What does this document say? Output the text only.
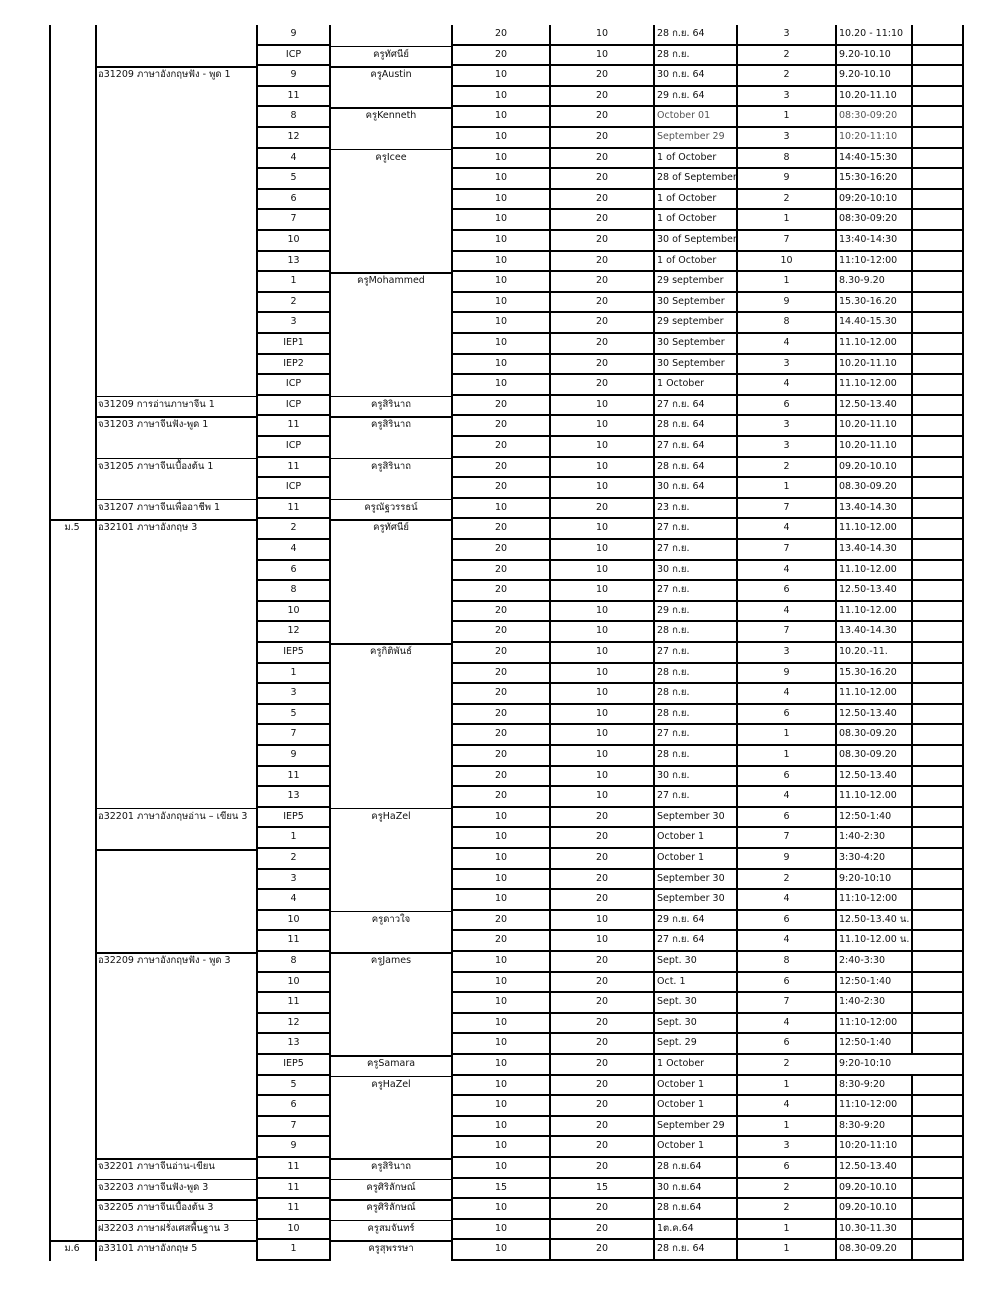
9	20	10	28 ก.ย. 64	3	10.20 - 11:10
ICP	ครูทัศนีย์	20	10	28 ก.ย.	2	9.20-10.10
อ31209 ภาษาอังกฤษฟัง - พูด 1	9	ครูAustin	10	20	30 ก.ย. 64	2	9.20-10.10
11	10	20	29 ก.ย. 64	3	10.20-11.10
8	ครูKenneth	10	20	October 01	1	08:30-09:20
12	10	20	September 29	3	10:20-11:10
4	ครูIcee	10	20	1 of October	8	14:40-15:30
5	10	20	28 of September	9	15:30-16:20
6	10	20	1 of October	2	09:20-10:10
7	10	20	1 of October	1	08:30-09:20
10	10	20	30 of September	7	13:40-14:30
13	10	20	1 of October	10	11:10-12:00
1	ครูMohammed	10	20	29 september	1	8.30-9.20
2	10	20	30 September	9	15.30-16.20
3	10	20	29 september	8	14.40-15.30
IEP1	10	20	30 September	4	11.10-12.00
IEP2	10	20	30 September	3	10.20-11.10
ICP	10	20	1 October	4	11.10-12.00
จ31209 การอ่านภาษาจีน 1	ICP	ครูสิรินาถ	20	10	27 ก.ย. 64	6	12.50-13.40
จ31203 ภาษาจีนฟัง-พูด 1	11	ครูสิรินาถ	20	10	28 ก.ย. 64	3	10.20-11.10
ICP	20	10	27 ก.ย. 64	3	10.20-11.10
จ31205 ภาษาจีนเบื้องต้น 1	11	ครูสิรินาถ	20	10	28 ก.ย. 64	2	09.20-10.10
ICP	20	10	30 ก.ย. 64	1	08.30-09.20
จ31207 ภาษาจีนเพื่ออาชีพ 1	11	ครูณัฐวรรธน์	10	20	23 ก.ย.	7	13.40-14.30
ม.5	อ32101 ภาษาอังกฤษ 3	2	ครูทัศนีย์	20	10	27 ก.ย.	4	11.10-12.00
4	20	10	27 ก.ย.	7	13.40-14.30
6	20	10	30 ก.ย.	4	11.10-12.00
8	20	10	27 ก.ย.	6	12.50-13.40
10	20	10	29 ก.ย.	4	11.10-12.00
12	20	10	28 ก.ย.	7	13.40-14.30
IEP5	ครูกิติพันธ์	20	10	27 ก.ย.	3	10.20.-11.
1	20	10	28 ก.ย.	9	15.30-16.20
3	20	10	28 ก.ย.	4	11.10-12.00
5	20	10	28 ก.ย.	6	12.50-13.40
7	20	10	27 ก.ย.	1	08.30-09.20
9	20	10	28 ก.ย.	1	08.30-09.20
11	20	10	30 ก.ย.	6	12.50-13.40
13	20	10	27 ก.ย.	4	11.10-12.00
อ32201 ภาษาอังกฤษอ่าน – เขียน 3	IEP5	ครูHaZel	10	20	September 30	6	12:50-1:40
1	10	20	October 1	7	1:40-2:30
2	10	20	October 1	9	3:30-4:20
3	10	20	September 30	2	9:20-10:10
4	10	20	September 30	4	11:10-12:00
10	ครูดาวใจ	20	10	29 ก.ย. 64	6	12.50-13.40 น.
11	20	10	27 ก.ย. 64	4	11.10-12.00 น.
อ32209 ภาษาอังกฤษฟัง - พูด 3	8	ครูJames	10	20	Sept. 30	8	2:40-3:30
10	10	20	Oct. 1	6	12:50-1:40
11	10	20	Sept. 30	7	1:40-2:30
12	10	20	Sept. 30	4	11:10-12:00
13	10	20	Sept. 29	6	12:50-1:40
IEP5	ครูSamara	10	20	1 October	2	9:20-10:10
5	ครูHaZel	10	20	October 1	1	8:30-9:20
6	10	20	October 1	4	11:10-12:00
7	10	20	September 29	1	8:30-9:20
9	10	20	October 1	3	10:20-11:10
จ32201 ภาษาจีนอ่าน-เขียน	11	ครูสิรินาถ	10	20	28 ก.ย.64	6	12.50-13.40
จ32203 ภาษาจีนฟัง-พูด 3	11	ครูศิริลักษณ์	15	15	30 ก.ย.64	2	09.20-10.10
จ32205 ภาษาจีนเบื้องต้น 3	11	ครูศิริลักษณ์	10	20	28 ก.ย.64	2	09.20-10.10
ฝ32203 ภาษาฝรั่งเศสพื้นฐาน 3	10	ครูสมจันทร์	10	20	1ต.ค.64	1	10.30-11.30
ม.6	อ33101 ภาษาอังกฤษ 5	1	ครูสุพรรษา	10	20	28 ก.ย. 64	1	08.30-09.20
